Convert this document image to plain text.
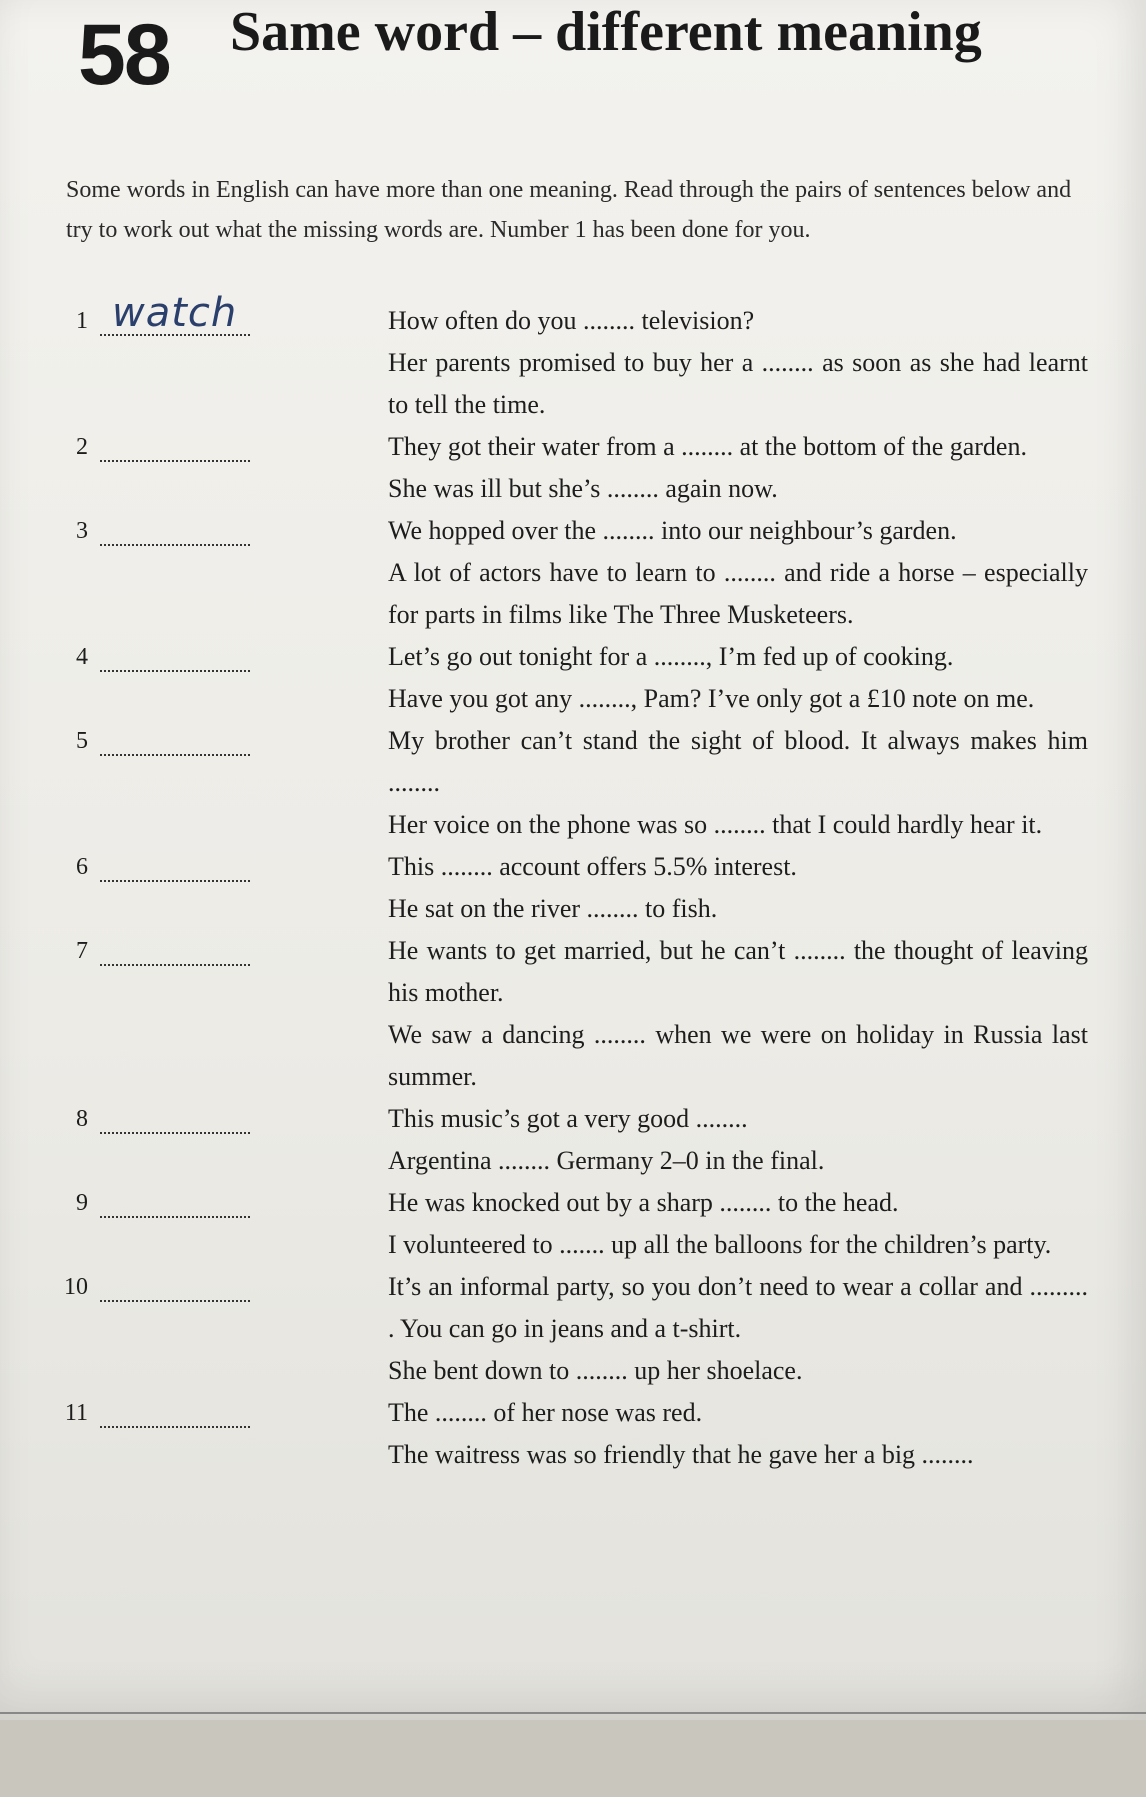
58 Same word – different meaning

Some words in English can have more than one meaning. Read through the pairs of sentences below and try to work out what the missing words are. Number 1 has been done for you.

1 watch	How often do you ........ television?

Her parents promised to buy her a ........ as soon as she had learnt to tell the time.

2	They got their water from a ........ at the bottom of the garden.

She was ill but she’s ........ again now.

3	We hopped over the ........ into our neighbour’s garden.

A lot of actors have to learn to ........ and ride a horse – especially for parts in films like The Three Musketeers.

4	Let’s go out tonight for a ........, I’m fed up of cooking.

Have you got any ........, Pam? I’ve only got a £10 note on me.

5	My brother can’t stand the sight of blood. It always makes him ........

Her voice on the phone was so ........ that I could hardly hear it.

6	This ........ account offers 5.5% interest.

He sat on the river ........ to fish.

7	He wants to get married, but he can’t ........ the thought of leaving his mother.

We saw a dancing ........ when we were on holiday in Russia last summer.

8	This music’s got a very good ........

Argentina ........ Germany 2–0 in the final.

9	He was knocked out by a sharp ........ to the head.

I volunteered to ....... up all the balloons for the children’s party.

10	It’s an informal party, so you don’t need to wear a collar and ......... . You can go in jeans and a t-shirt.

She bent down to ........ up her shoelace.

11	The ........ of her nose was red.

The waitress was so friendly that he gave her a big ........
